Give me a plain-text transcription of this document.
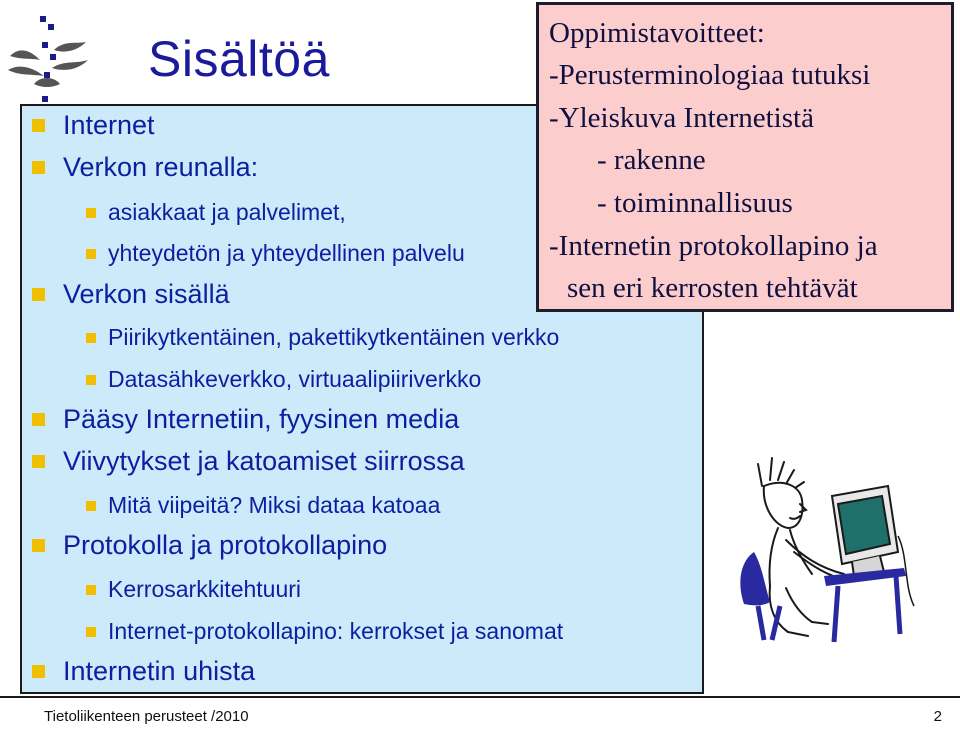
Sisältöä
Internet
Verkon reunalla:
asiakkaat ja palvelimet,
yhteydetön ja yhteydellinen palvelu
Verkon sisällä
Piirikytkentäinen, pakettikytkentäinen verkko
Datasähkeverkko, virtuaalipiiriverkko
Pääsy Internetiin, fyysinen media
Viivytykset ja katoamiset siirrossa
Mitä viipeitä? Miksi dataa katoaa
Protokolla ja protokollapino
Kerrosarkkitehtuuri
Internet-protokollapino: kerrokset ja sanomat
Internetin uhista
Oppimistavoitteet:
-Perusterminologiaa tutuksi
-Yleiskuva Internetistä
- rakenne
- toiminnallisuus
-Internetin protokollapino ja
sen eri kerrosten tehtävät
Tietoliikenteen perusteet /2010	2
